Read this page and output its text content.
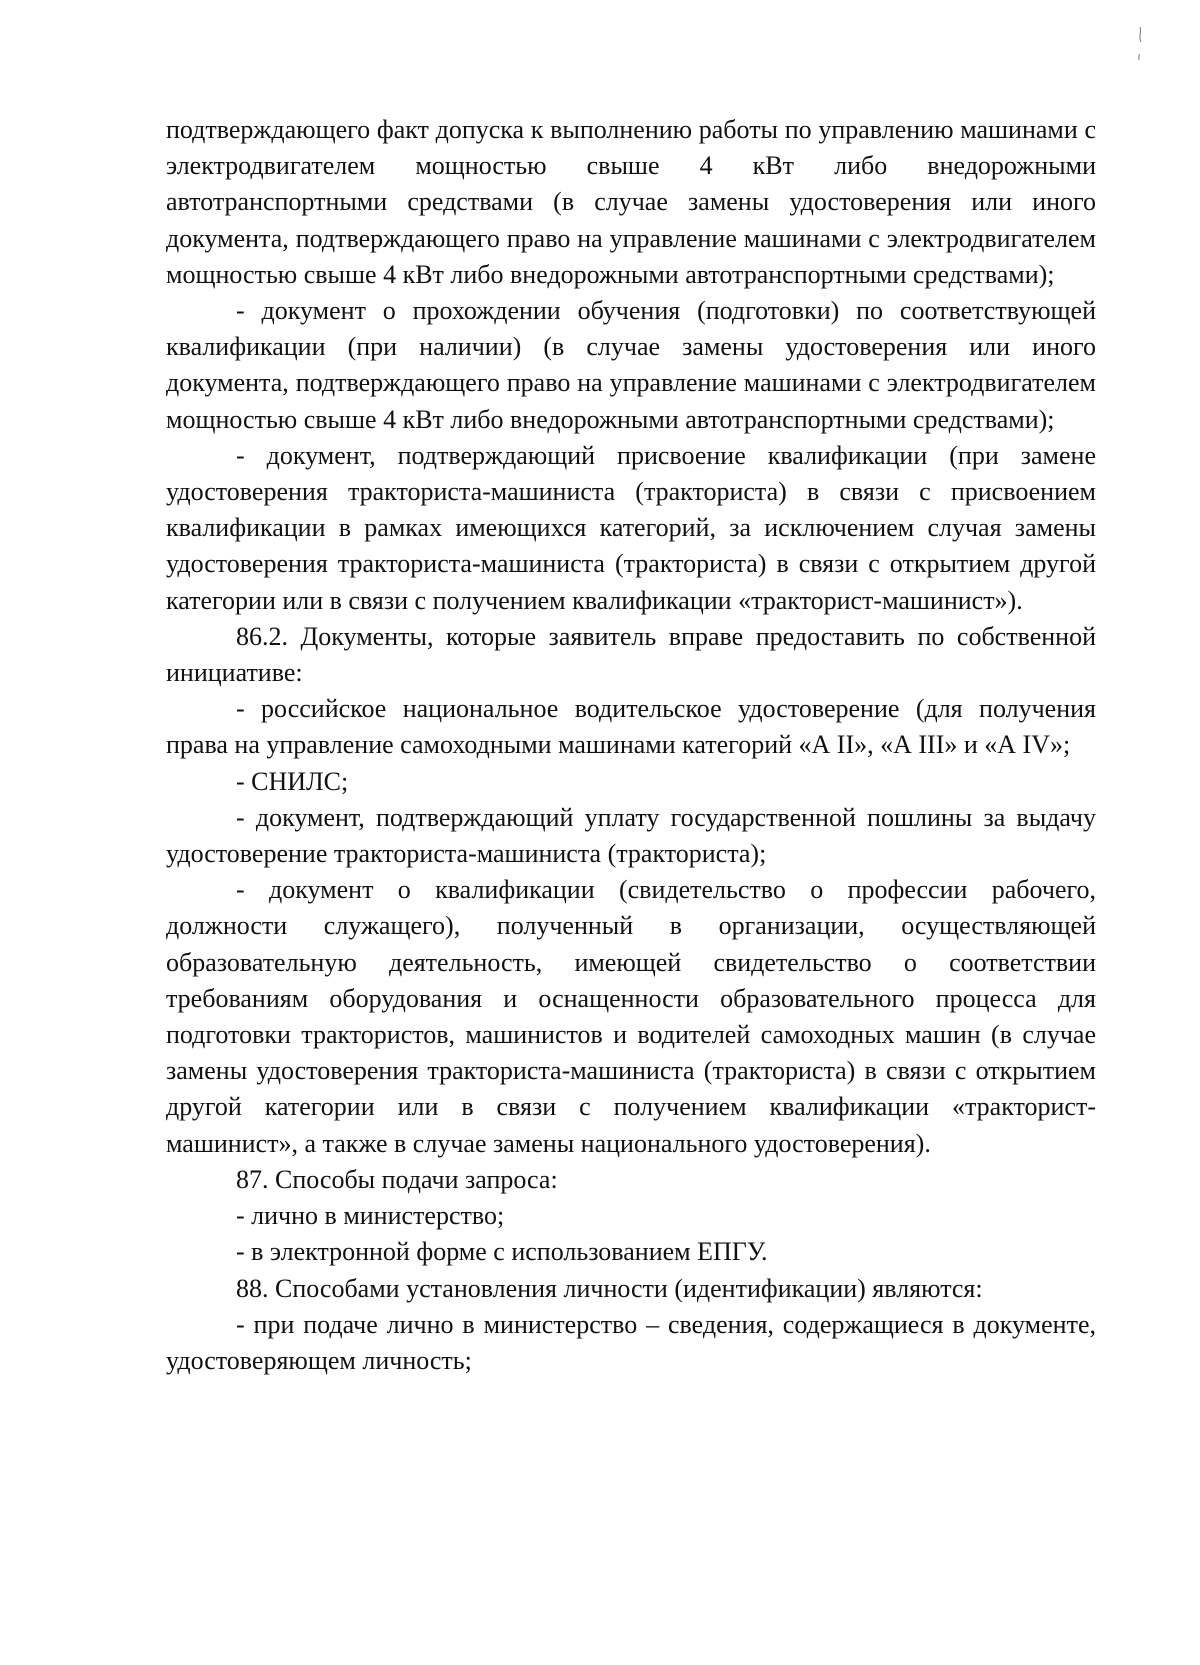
подтверждающего факт допуска к выполнению работы по управлению машинами с электродвигателем мощностью свыше 4 кВт либо внедорожными автотранспортными средствами (в случае замены удостоверения или иного документа, подтверждающего право на управление машинами с электродвигателем мощностью свыше 4 кВт либо внедорожными автотранспортными средствами);

- документ о прохождении обучения (подготовки) по соответствующей квалификации (при наличии) (в случае замены удостоверения или иного документа, подтверждающего право на управление машинами с электродвигателем мощностью свыше 4 кВт либо внедорожными автотранспортными средствами);

- документ, подтверждающий присвоение квалификации (при замене удостоверения тракториста-машиниста (тракториста) в связи с присвоением квалификации в рамках имеющихся категорий, за исключением случая замены удостоверения тракториста-машиниста (тракториста) в связи с открытием другой категории или в связи с получением квалификации «тракторист-машинист»).

86.2. Документы, которые заявитель вправе предоставить по собственной инициативе:

- российское национальное водительское удостоверение (для получения права на управление самоходными машинами категорий «А II», «А III» и «А IV»;

- СНИЛС;

- документ, подтверждающий уплату государственной пошлины за выдачу удостоверение тракториста-машиниста (тракториста);

- документ о квалификации (свидетельство о профессии рабочего, должности служащего), полученный в организации, осуществляющей образовательную деятельность, имеющей свидетельство о соответствии требованиям оборудования и оснащенности образовательного процесса для подготовки трактористов, машинистов и водителей самоходных машин (в случае замены удостоверения тракториста-машиниста (тракториста) в связи с открытием другой категории или в связи с получением квалификации «тракторист-машинист», а также в случае замены национального удостоверения).

87. Способы подачи запроса:

- лично в министерство;

- в электронной форме с использованием ЕПГУ.

88. Способами установления личности (идентификации) являются:

- при подаче лично в министерство – сведения, содержащиеся в документе, удостоверяющем личность;
